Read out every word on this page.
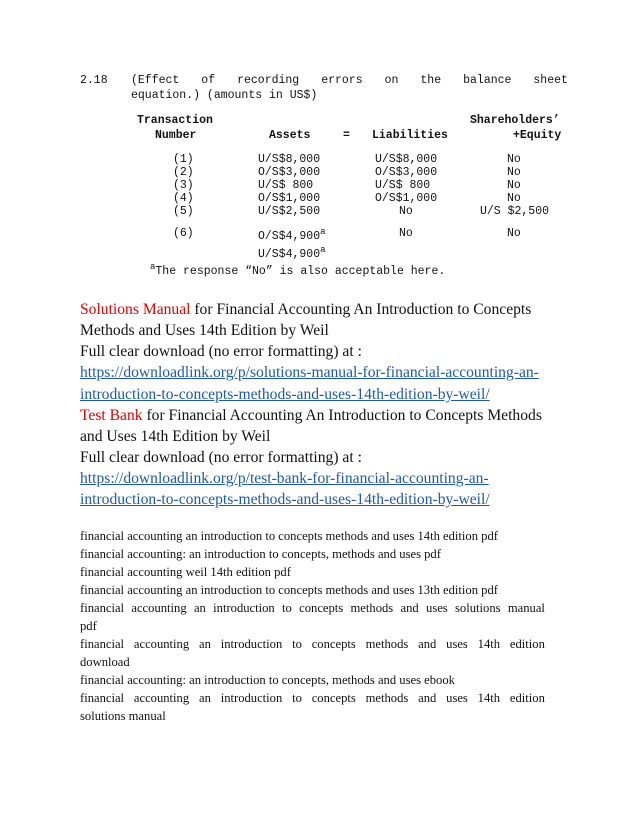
2.18 (Effect of recording errors on the balance sheet
equation.) (amounts in US$)
Transaction
Number	Assets	= Liabilities
Shareholders’
+Equity
(1)	U/S$8,000	U/S$8,000	No
(2)	O/S$3,000	O/S$3,000	No
(3)	U/S$ 800	U/S$ 800	No
(4)	O/S$1,000	O/S$1,000	No
(5)	U/S$2,500	No	U/S $2,500
(6)	O/S$4,900$^a$	No	No
U/S$4,900$^a$
$^a$The response “No” is also acceptable here.
Solutions Manual for Financial Accounting An Introduction to Concepts
Methods and Uses 14th Edition by Weil
Full clear download (no error formatting) at :
https://downloadlink.org/p/solutions-manual-for-financial-accounting-an-
introduction-to-concepts-methods-and-uses-14th-edition-by-weil/
Test Bank for Financial Accounting An Introduction to Concepts Methods
and Uses 14th Edition by Weil
Full clear download (no error formatting) at :
https://downloadlink.org/p/test-bank-for-financial-accounting-an-
introduction-to-concepts-methods-and-uses-14th-edition-by-weil/
financial accounting an introduction to concepts methods and uses 14th edition pdf
financial accounting: an introduction to concepts, methods and uses pdf
financial accounting weil 14th edition pdf
financial accounting an introduction to concepts methods and uses 13th edition pdf
financial accounting an introduction to concepts methods and uses solutions manual
pdf
financial accounting an introduction to concepts methods and uses 14th edition
download
financial accounting: an introduction to concepts, methods and uses ebook
financial accounting an introduction to concepts methods and uses 14th edition
solutions manual
